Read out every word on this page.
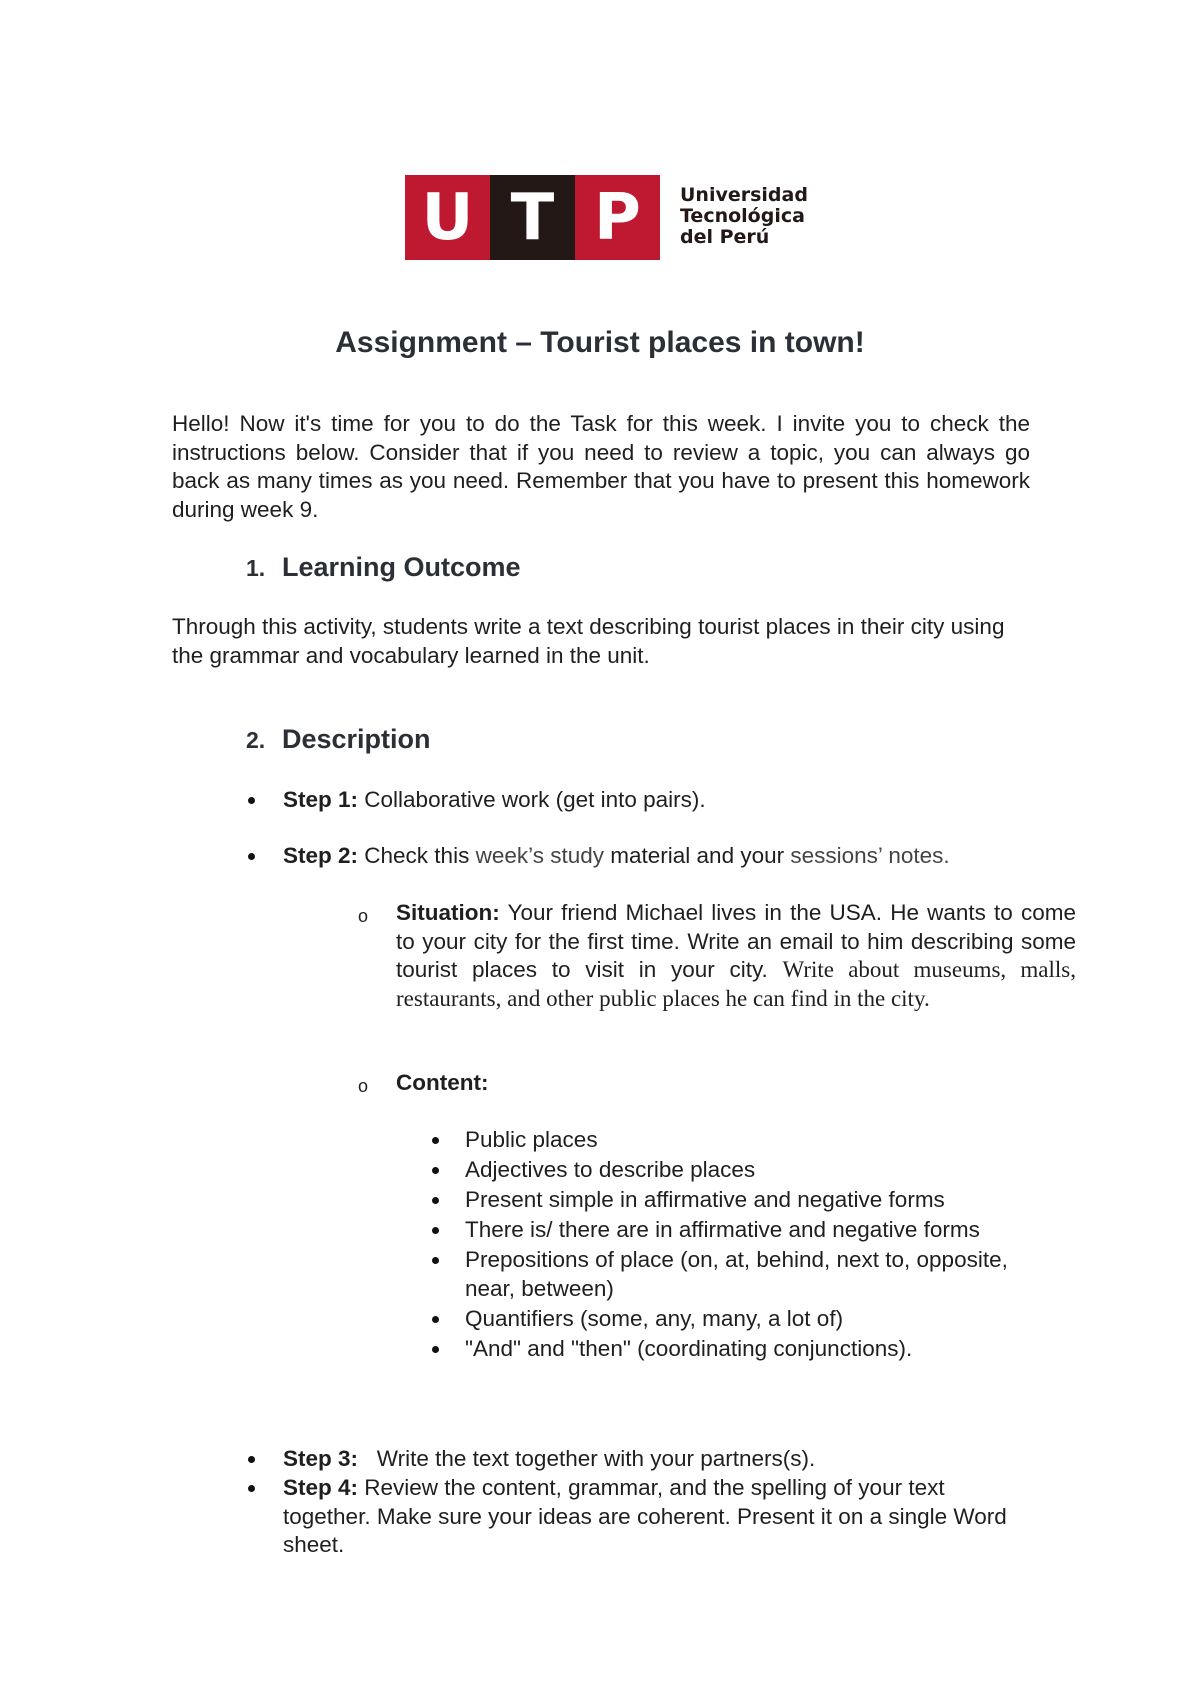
U T P	Universidad
Tecnológica
del Perú
Assignment – Tourist places in town!

Hello! Now it's time for you to do the Task for this week. I invite you to check the instructions below. Consider that if you need to review a topic, you can always go back as many times as you need. Remember that you have to present this homework during week 9.

1. Learning Outcome

Through this activity, students write a text describing tourist places in their city using the grammar and vocabulary learned in the unit.

2. Description
Step 1: Collaborative work (get into pairs).
Step 2: Check this week’s study material and your sessions’ notes.
o	Situation: Your friend Michael lives in the USA. He wants to come to your city for the first time. Write an email to him describing some tourist places to visit in your city. Write about museums, malls, restaurants, and other public places he can find in the city.
o	Content:
Public places
Adjectives to describe places
Present simple in affirmative and negative forms
There is/ there are in affirmative and negative forms
Prepositions of place (on, at, behind, next to, opposite, near, between)
Quantifiers (some, any, many, a lot of)
"And" and "then" (coordinating conjunctions).
Step 3: Write the text together with your partners(s).
Step 4: Review the content, grammar, and the spelling of your text together. Make sure your ideas are coherent. Present it on a single Word sheet.
